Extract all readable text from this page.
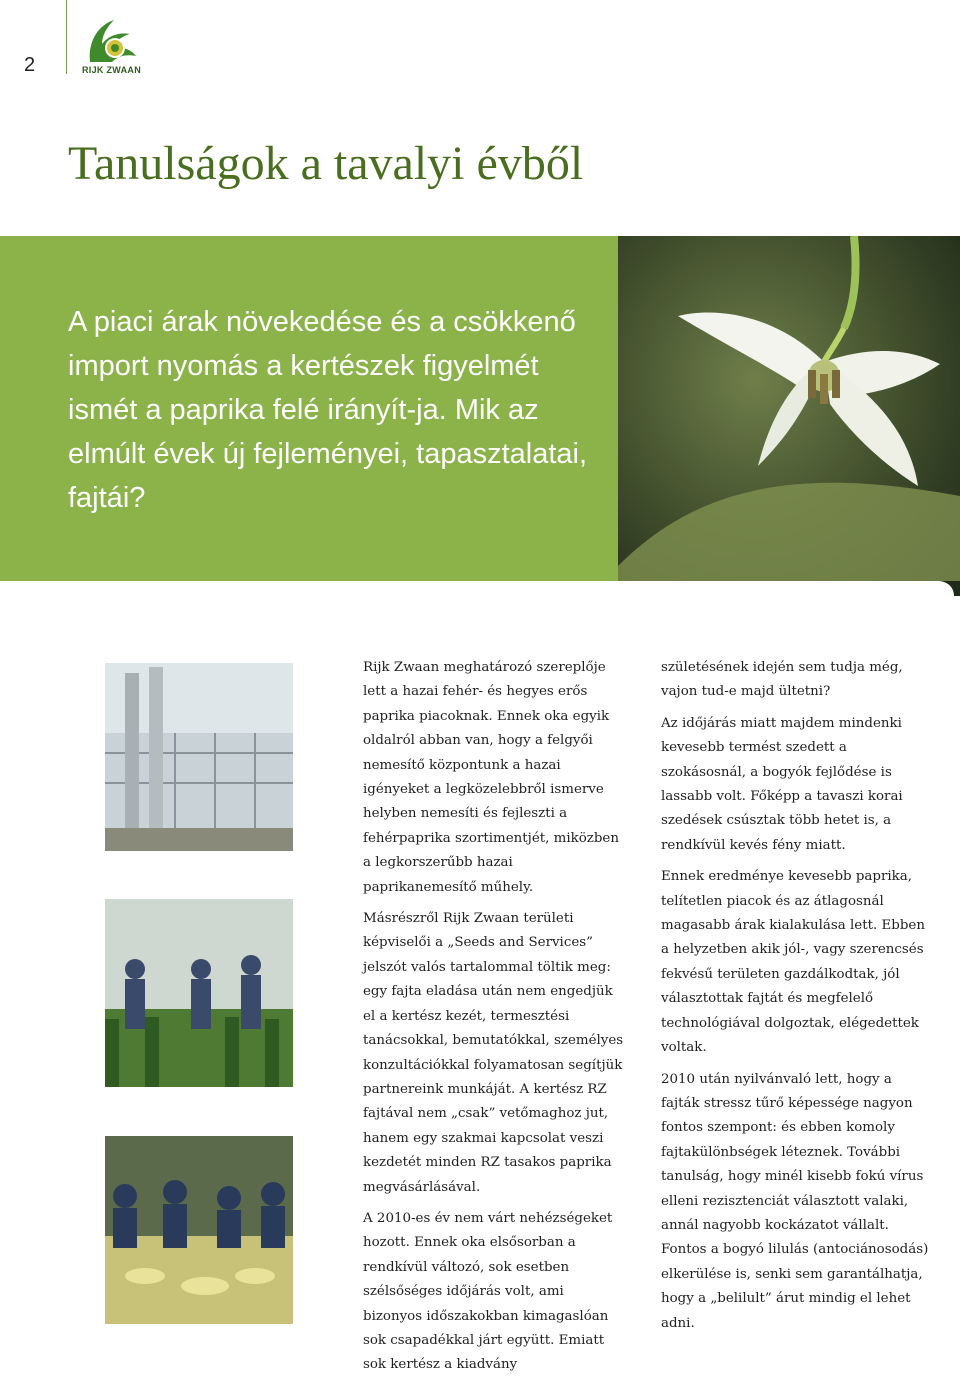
2	RIJK ZWAAN
Tanulságok a tavalyi évből

A piaci árak növekedése és a csökkenő import nyomás a kertészek figyelmét ismét a paprika felé irányít-ja. Mik az elmúlt évek új fejleményei, tapasztalatai, fajtái?

Rijk Zwaan meghatározó szereplője lett a hazai fehér- és hegyes erős paprika piacoknak. Ennek oka egyik oldalról abban van, hogy a felgyői nemesítő központunk a hazai igényeket a legközelebbről ismerve helyben nemesíti és fejleszti a fehérpaprika szortimentjét, miközben a legkorszerűbb hazai paprikanemesítő műhely.

Másrészről Rijk Zwaan területi képviselői a „Seeds and Services” jelszót valós tartalommal töltik meg: egy fajta eladása után nem engedjük el a kertész kezét, termesztési tanácsokkal, bemutatókkal, személyes konzultációkkal folyamatosan segítjük partnereink munkáját. A kertész RZ fajtával nem „csak” vetőmaghoz jut, hanem egy szakmai kapcsolat veszi kezdetét minden RZ tasakos paprika megvásárlásával.

A 2010-es év nem várt nehézségeket hozott. Ennek oka elsősorban a rendkívül változó, sok esetben szélsőséges időjárás volt, ami bizonyos időszakokban kimagaslóan sok csapadékkal járt együtt. Emiatt sok kertész a kiadvány

születésének idején sem tudja még, vajon tud-e majd ültetni?

Az időjárás miatt majdem mindenki kevesebb termést szedett a szokásosnál, a bogyók fejlődése is lassabb volt. Főképp a tavaszi korai szedések csúsztak több hetet is, a rendkívül kevés fény miatt.

Ennek eredménye kevesebb paprika, telítetlen piacok és az átlagosnál magasabb árak kialakulása lett. Ebben a helyzetben akik jól-, vagy szerencsés fekvésű területen gazdálkodtak, jól választottak fajtát és megfelelő technológiával dolgoztak, elégedettek voltak.

2010 után nyilvánvaló lett, hogy a fajták stressz tűrő képessége nagyon fontos szempont: és ebben komoly fajtakülönbségek léteznek. További tanulság, hogy minél kisebb fokú vírus elleni rezisztenciát választott valaki, annál nagyobb kockázatot vállalt. Fontos a bogyó lilulás (antociánosodás) elkerülése is, senki sem garantálhatja, hogy a „belilult” árut mindig el lehet adni.
